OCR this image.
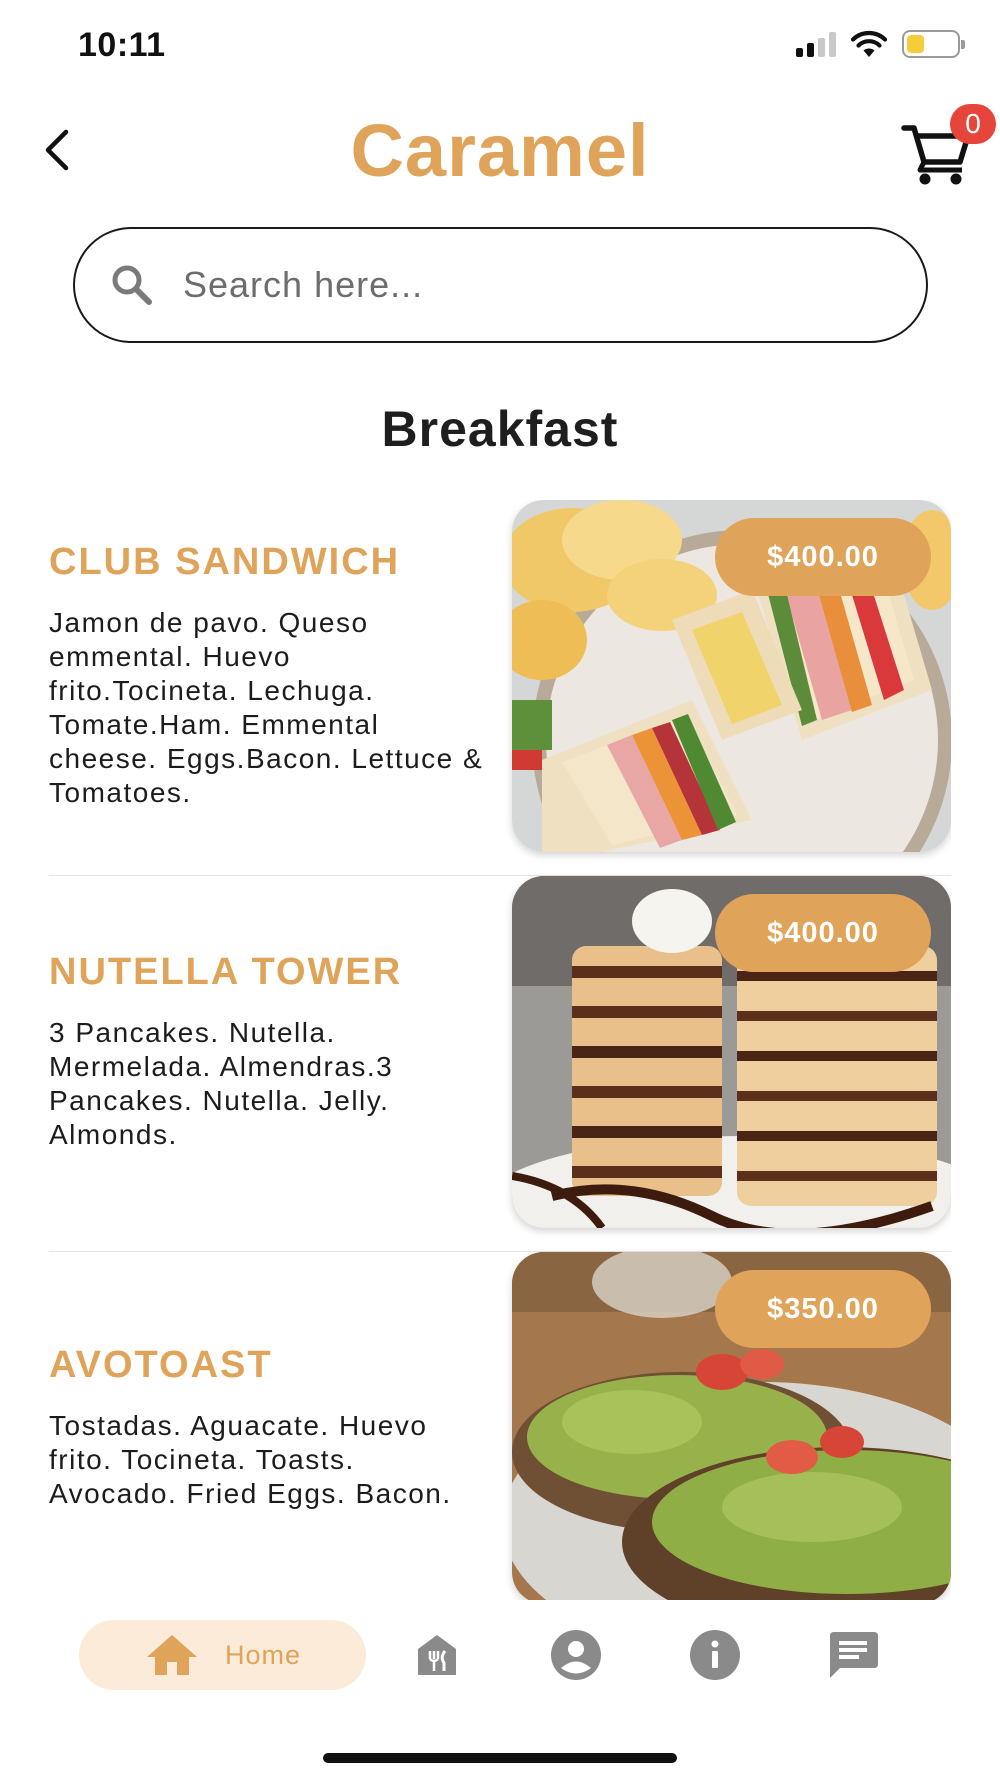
10:11
Caramel	0
Search here...
Breakfast
CLUB SANDWICH
Jamon de pavo. Queso emmental. Huevo frito.Tocineta. Lechuga. Tomate.Ham. Emmental cheese. Eggs.Bacon. Lettuce & Tomatoes.
$400.00
NUTELLA TOWER
3 Pancakes. Nutella. Mermelada. Almendras.3 Pancakes. Nutella. Jelly. Almonds.
$400.00
AVOTOAST
Tostadas. Aguacate. Huevo frito. Tocineta. Toasts. Avocado. Fried Eggs. Bacon.
$350.00
Home
